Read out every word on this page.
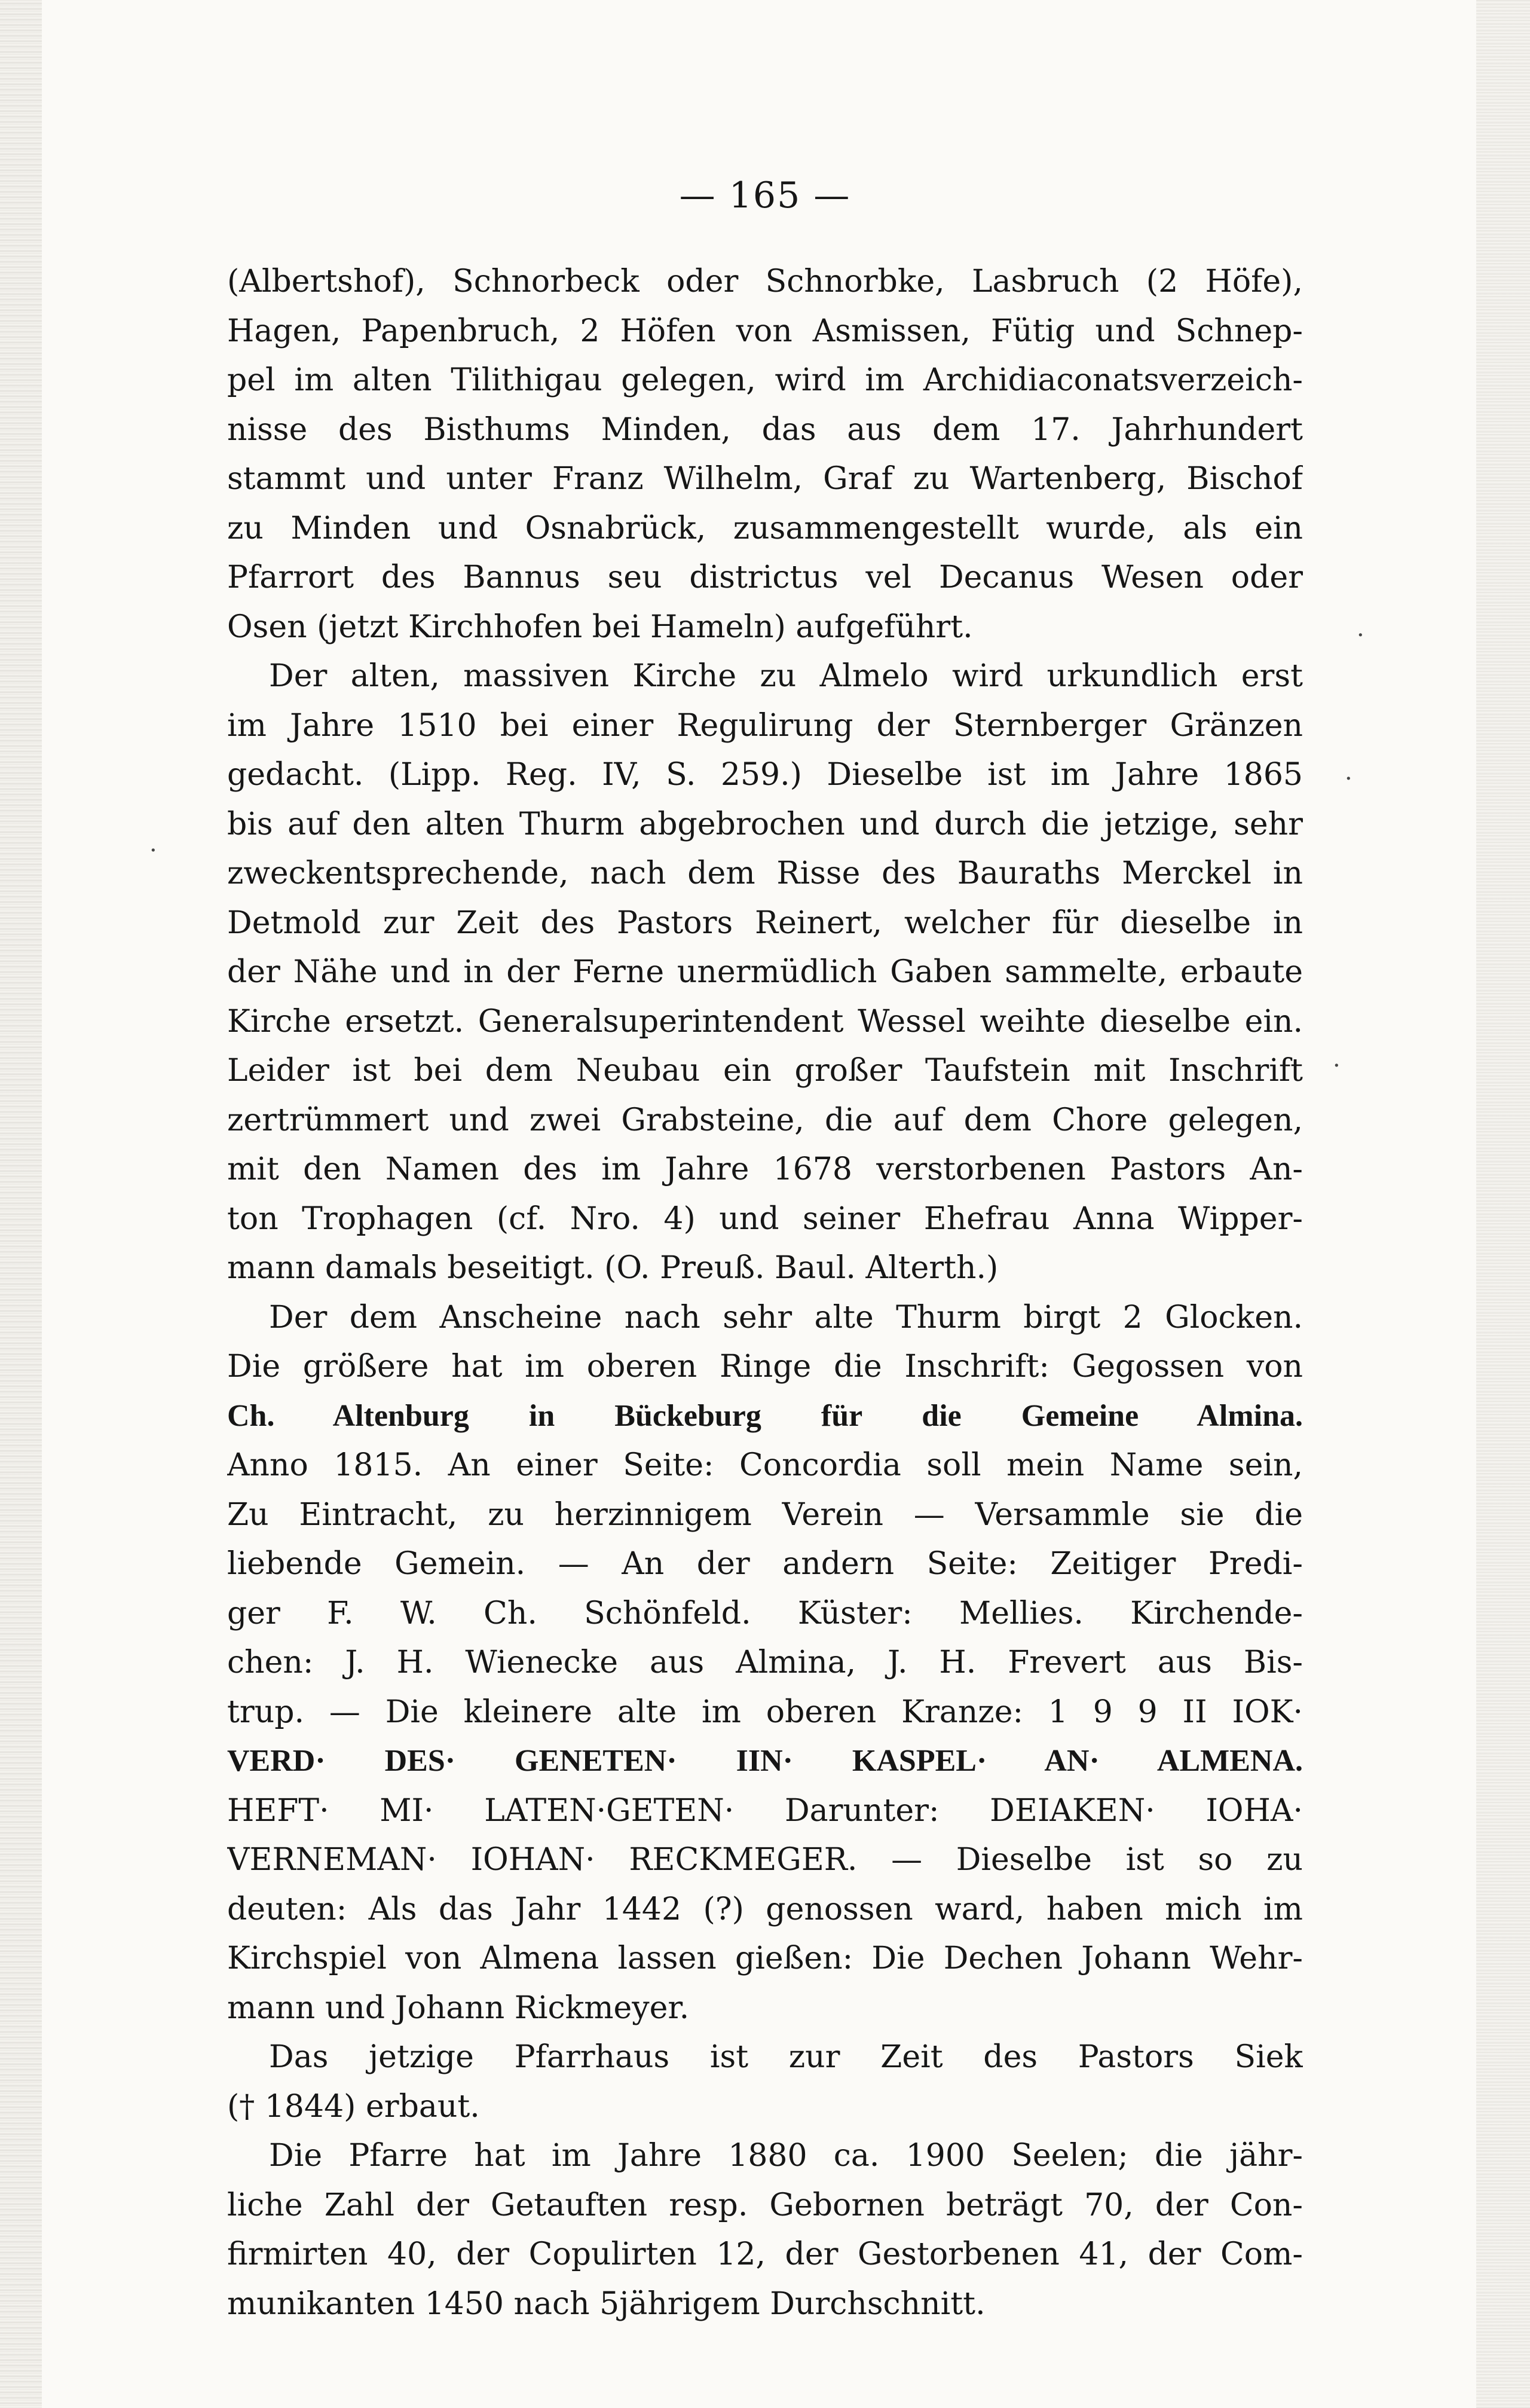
·
·
·
·
— 165 —
(Albertshof), Schnorbeck oder Schnorbke, Lasbruch (2 Höfe),
Hagen, Papenbruch, 2 Höfen von Asmissen, Fütig und Schnep-
pel im alten Tilithigau gelegen, wird im Archidiaconatsverzeich-
nisse des Bisthums Minden, das aus dem 17. Jahrhundert
stammt und unter Franz Wilhelm, Graf zu Wartenberg, Bischof
zu Minden und Osnabrück, zusammengestellt wurde, als ein
Pfarrort des Bannus seu districtus vel Decanus Wesen oder
Osen (jetzt Kirchhofen bei Hameln) aufgeführt.
Der alten, massiven Kirche zu Almelo wird urkundlich erst
im Jahre 1510 bei einer Regulirung der Sternberger Gränzen
gedacht. (Lipp. Reg. IV, S. 259.) Dieselbe ist im Jahre 1865
bis auf den alten Thurm abgebrochen und durch die jetzige, sehr
zweckentsprechende, nach dem Risse des Bauraths Merckel in
Detmold zur Zeit des Pastors Reinert, welcher für dieselbe in
der Nähe und in der Ferne unermüdlich Gaben sammelte, erbaute
Kirche ersetzt. Generalsuperintendent Wessel weihte dieselbe ein.
Leider ist bei dem Neubau ein großer Taufstein mit Inschrift
zertrümmert und zwei Grabsteine, die auf dem Chore gelegen,
mit den Namen des im Jahre 1678 verstorbenen Pastors An-
ton Trophagen (cf. Nro. 4) und seiner Ehefrau Anna Wipper-
mann damals beseitigt. (O. Preuß. Baul. Alterth.)
Der dem Anscheine nach sehr alte Thurm birgt 2 Glocken.
Die größere hat im oberen Ringe die Inschrift: Gegossen von
Ch. Altenburg in Bückeburg für die Gemeine Almina.
Anno 1815. An einer Seite: Concordia soll mein Name sein,
Zu Eintracht, zu herzinnigem Verein — Versammle sie die
liebende Gemein. — An der andern Seite: Zeitiger Predi-
ger F. W. Ch. Schönfeld. Küster: Mellies. Kirchende-
chen: J. H. Wienecke aus Almina, J. H. Frevert aus Bis-
trup. — Die kleinere alte im oberen Kranze: 1 9 9 II IOK·
VERD· DES· GENETEN· IIN· KASPEL· AN· ALMENA.
HEFT· MI· LATEN·GETEN· Darunter: DEIAKEN· IOHA·
VERNEMAN· IOHAN· RECKMEGER. — Dieselbe ist so zu
deuten: Als das Jahr 1442 (?) genossen ward, haben mich im
Kirchspiel von Almena lassen gießen: Die Dechen Johann Wehr-
mann und Johann Rickmeyer.
Das jetzige Pfarrhaus ist zur Zeit des Pastors Siek
(† 1844) erbaut.
Die Pfarre hat im Jahre 1880 ca. 1900 Seelen; die jähr-
liche Zahl der Getauften resp. Gebornen beträgt 70, der Con-
firmirten 40, der Copulirten 12, der Gestorbenen 41, der Com-
munikanten 1450 nach 5jährigem Durchschnitt.
